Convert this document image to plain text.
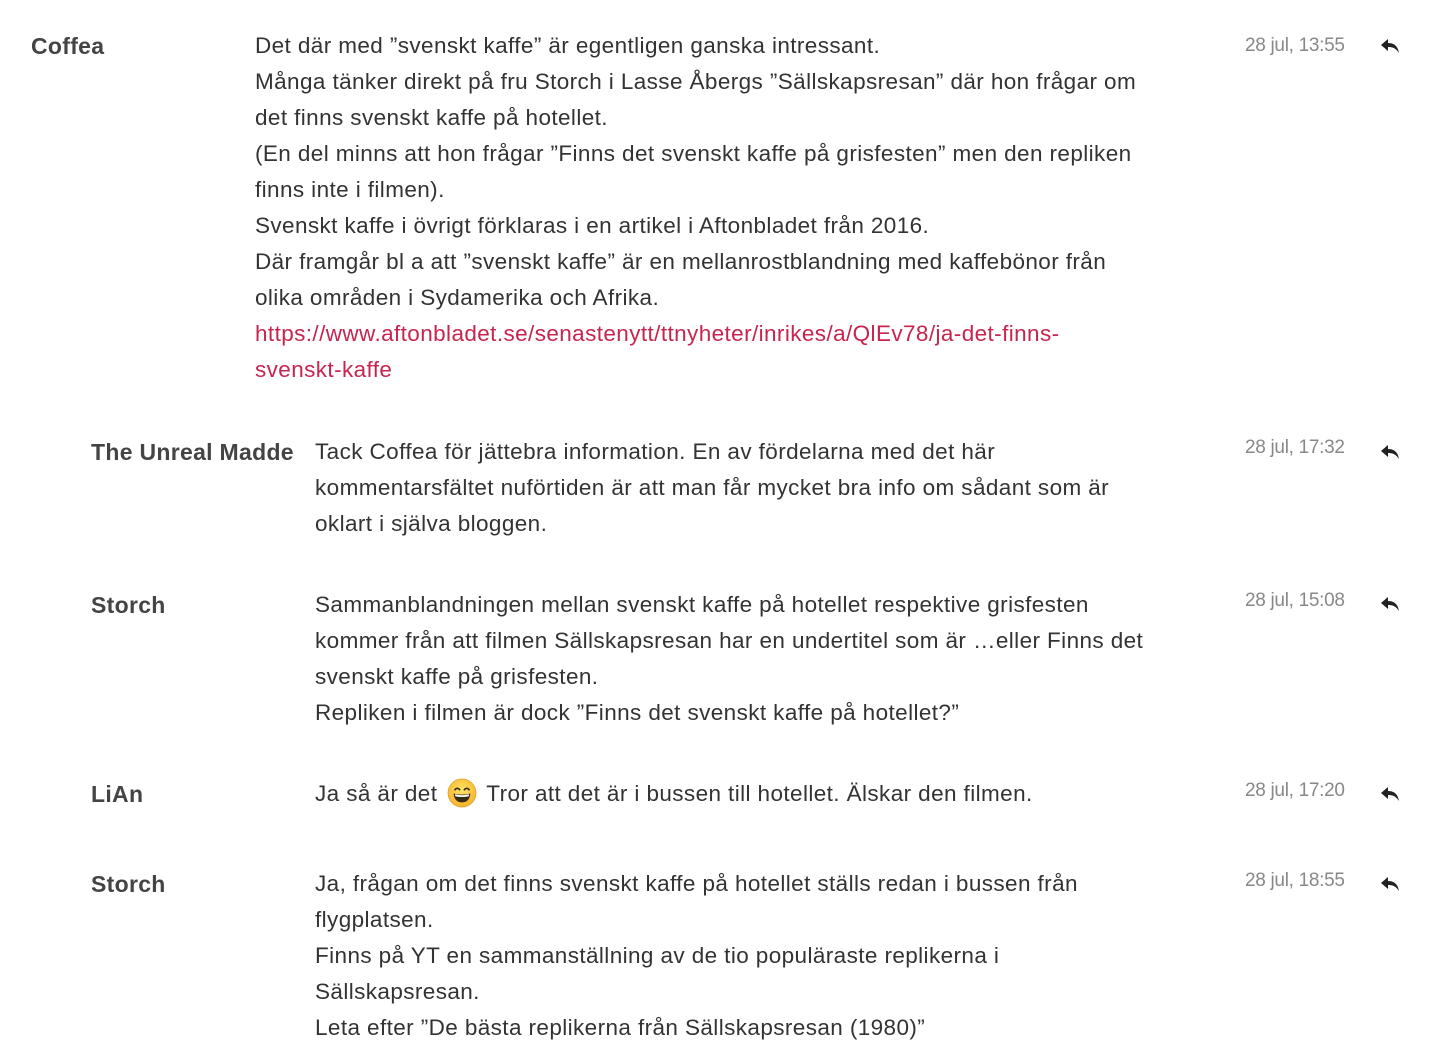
Coffea	Det där med ”svenskt kaffe” är egentligen ganska intressant.
Många tänker direkt på fru Storch i Lasse Åbergs ”Sällskapsresan” där hon frågar om
det finns svenskt kaffe på hotellet.
(En del minns att hon frågar ”Finns det svenskt kaffe på grisfesten” men den repliken
finns inte i filmen).
Svenskt kaffe i övrigt förklaras i en artikel i Aftonbladet från 2016.
Där framgår bl a att ”svenskt kaffe” är en mellanrostblandning med kaffebönor från
olika områden i Sydamerika och Afrika.
https://www.aftonbladet.se/senastenytt/ttnyheter/inrikes/a/QlEv78/ja-det-finns-
svenskt-kaffe
28 jul, 13:55
The Unreal Madde Tack Coffea för jättebra information. En av fördelarna med det här
kommentarsfältet nuförtiden är att man får mycket bra info om sådant som är
oklart i själva bloggen.
28 jul, 17:32
Storch	Sammanblandningen mellan svenskt kaffe på hotellet respektive grisfesten
kommer från att filmen Sällskapsresan har en undertitel som är …eller Finns det
svenskt kaffe på grisfesten.
Repliken i filmen är dock ”Finns det svenskt kaffe på hotellet?”
28 jul, 15:08
LiAn	Ja så är det Tror att det är i bussen till hotellet. Älskar den filmen.	28 jul, 17:20
Storch	Ja, frågan om det finns svenskt kaffe på hotellet ställs redan i bussen från
flygplatsen.
Finns på YT en sammanställning av de tio populäraste replikerna i
Sällskapsresan.
Leta efter ”De bästa replikerna från Sällskapsresan (1980)”
28 jul, 18:55
